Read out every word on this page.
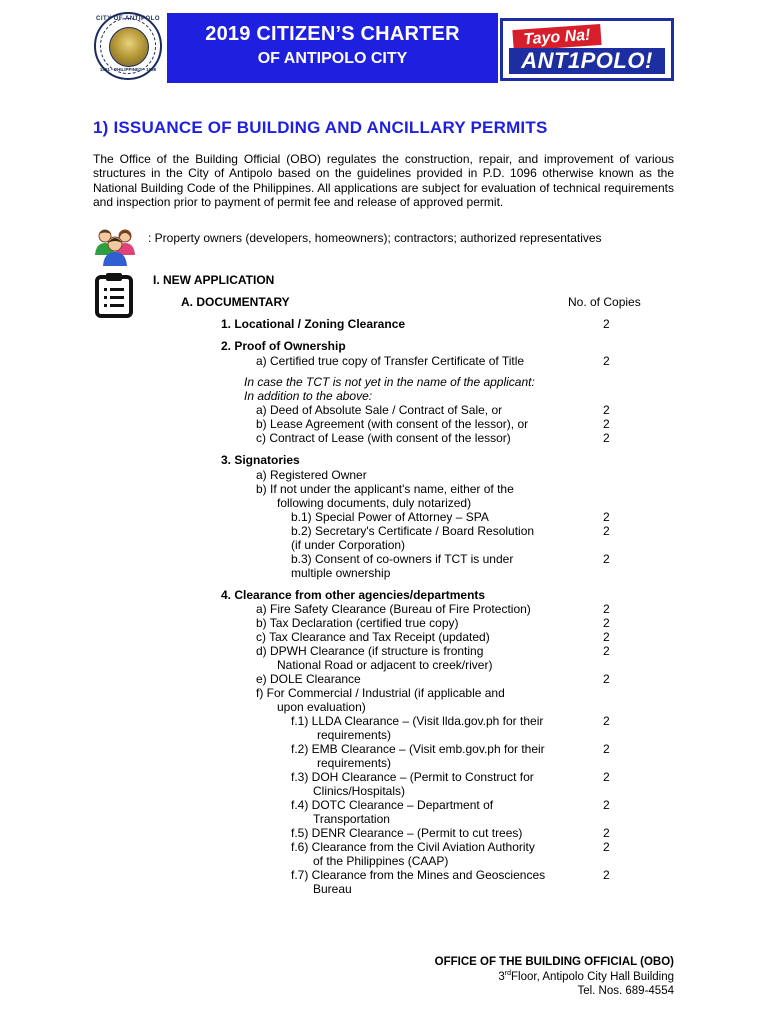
CITY OF ANTIPOLO
1591 • PHILIPPINES • 1998
2019 CITIZEN’S CHARTER
OF ANTIPOLO CITY
Tayo Na!
ANT1POLO!
1) ISSUANCE OF BUILDING AND ANCILLARY PERMITS
The Office of the Building Official (OBO) regulates the construction, repair, and improvement of various structures in the City of Antipolo based on the guidelines provided in P.D. 1096 otherwise known as the National Building Code of the Philippines. All applications are subject for evaluation of technical requirements and inspection prior to payment of permit fee and release of approved permit.
: Property owners (developers, homeowners); contractors; authorized representatives
I. NEW APPLICATION
A. DOCUMENTARY	No. of Copies
1. Locational / Zoning Clearance	2
2. Proof of Ownership
a) Certified true copy of Transfer Certificate of Title	2
In case the TCT is not yet in the name of the applicant:
In addition to the above:
a) Deed of Absolute Sale / Contract of Sale, or	2
b) Lease Agreement (with consent of the lessor), or	2
c) Contract of Lease (with consent of the lessor)	2
3. Signatories
a) Registered Owner
b) If not under the applicant's name, either of the
following documents, duly notarized)
b.1) Special Power of Attorney – SPA	2
b.2) Secretary's Certificate / Board Resolution	2
(if under Corporation)
b.3) Consent of co-owners if TCT is under	2
multiple ownership
4. Clearance from other agencies/departments
a) Fire Safety Clearance (Bureau of Fire Protection)	2
b) Tax Declaration (certified true copy)	2
c) Tax Clearance and Tax Receipt (updated)	2
d) DPWH Clearance (if structure is fronting	2
National Road or adjacent to creek/river)
e) DOLE Clearance	2
f) For Commercial / Industrial (if applicable and
upon evaluation)
f.1) LLDA Clearance – (Visit llda.gov.ph for their	2
requirements)
f.2) EMB Clearance – (Visit emb.gov.ph for their	2
requirements)
f.3) DOH Clearance – (Permit to Construct for	2
Clinics/Hospitals)
f.4) DOTC Clearance – Department of	2
Transportation
f.5) DENR Clearance – (Permit to cut trees)	2
f.6) Clearance from the Civil Aviation Authority	2
of the Philippines (CAAP)
f.7) Clearance from the Mines and Geosciences	2
Bureau
OFFICE OF THE BUILDING OFFICIAL (OBO)
3rdFloor, Antipolo City Hall Building
Tel. Nos. 689-4554
